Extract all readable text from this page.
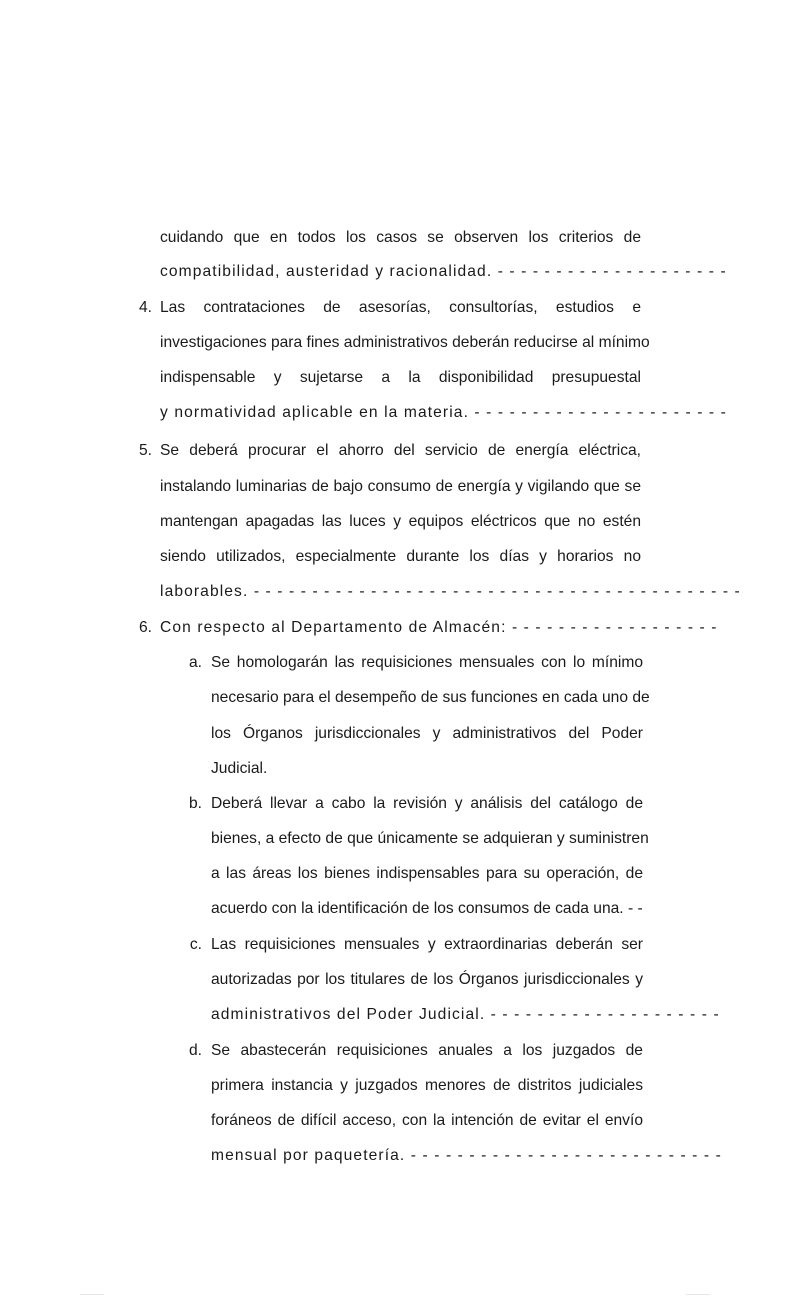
cuidando que en todos los casos se observen los criterios de
compatibilidad, austeridad y racionalidad. - - - - - - - - - - - - - - - - - - - -
4. Las contrataciones de asesorías, consultorías, estudios e
investigaciones para fines administrativos deberán reducirse al mínimo
indispensable y sujetarse a la disponibilidad presupuestal
y normatividad aplicable en la materia. - - - - - - - - - - - - - - - - - - - - - -
5. Se deberá procurar el ahorro del servicio de energía eléctrica,
instalando luminarias de bajo consumo de energía y vigilando que se
mantengan apagadas las luces y equipos eléctricos que no estén
siendo utilizados, especialmente durante los días y horarios no
laborables. - - - - - - - - - - - - - - - - - - - - - - - - - - - - - - - - - - - - - - - - - -
6. Con respecto al Departamento de Almacén: - - - - - - - - - - - - - - - - - -
a. Se homologarán las requisiciones mensuales con lo mínimo
necesario para el desempeño de sus funciones en cada uno de
los Órganos jurisdiccionales y administrativos del Poder
Judicial.
b. Deberá llevar a cabo la revisión y análisis del catálogo de
bienes, a efecto de que únicamente se adquieran y suministren
a las áreas los bienes indispensables para su operación, de
acuerdo con la identificación de los consumos de cada una. - -
c. Las requisiciones mensuales y extraordinarias deberán ser
autorizadas por los titulares de los Órganos jurisdiccionales y
administrativos del Poder Judicial. - - - - - - - - - - - - - - - - - - - -
d. Se abastecerán requisiciones anuales a los juzgados de
primera instancia y juzgados menores de distritos judiciales
foráneos de difícil acceso, con la intención de evitar el envío
mensual por paquetería. - - - - - - - - - - - - - - - - - - - - - - - - - - -
